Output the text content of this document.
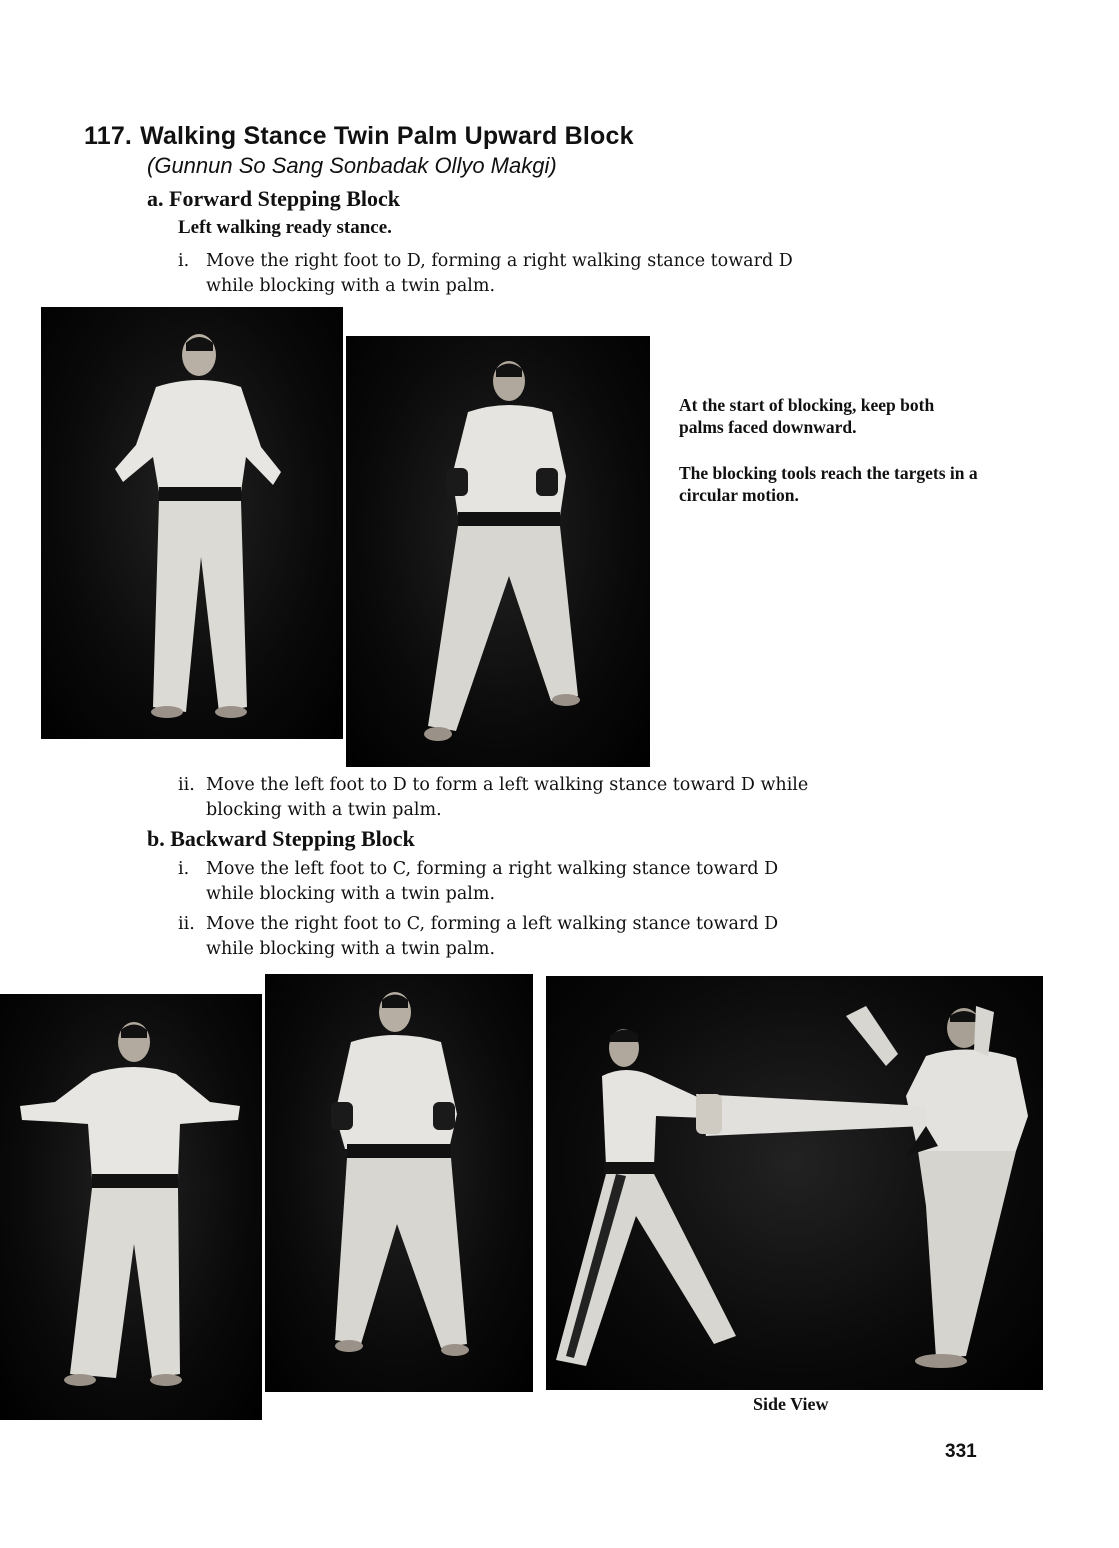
117. Walking Stance Twin Palm Upward Block
(Gunnun So Sang Sonbadak Ollyo Makgi)
a. Forward Stepping Block
Left walking ready stance.
i. Move the right foot to D, forming a right walking stance toward D
while blocking with a twin palm.
At the start of blocking, keep both palms faced downward.
The blocking tools reach the targets in a circular motion.
ii. Move the left foot to D to form a left walking stance toward D while
blocking with a twin palm.
b. Backward Stepping Block
i. Move the left foot to C, forming a right walking stance toward D
while blocking with a twin palm.
ii. Move the right foot to C, forming a left walking stance toward D
while blocking with a twin palm.
Side View
331
